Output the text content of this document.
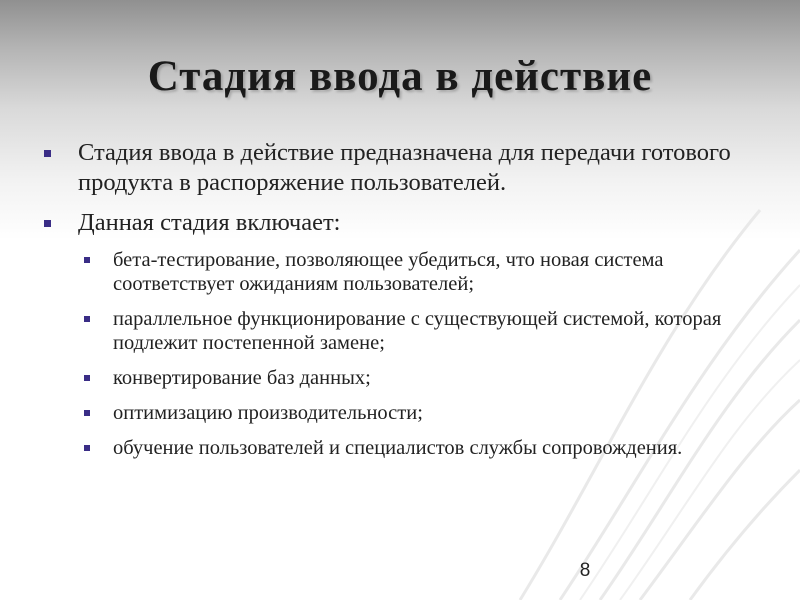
Стадия ввода в действие
Стадия ввода в действие предназначена для передачи готового продукта в распоряжение пользователей.
Данная стадия включает:
бета-тестирование, позволяющее убедиться, что новая система соответствует ожиданиям пользователей;
параллельное функционирование с существующей системой, которая подлежит постепенной замене;
конвертирование баз данных;
оптимизацию производительности;
обучение пользователей и специалистов службы сопровождения.
8
